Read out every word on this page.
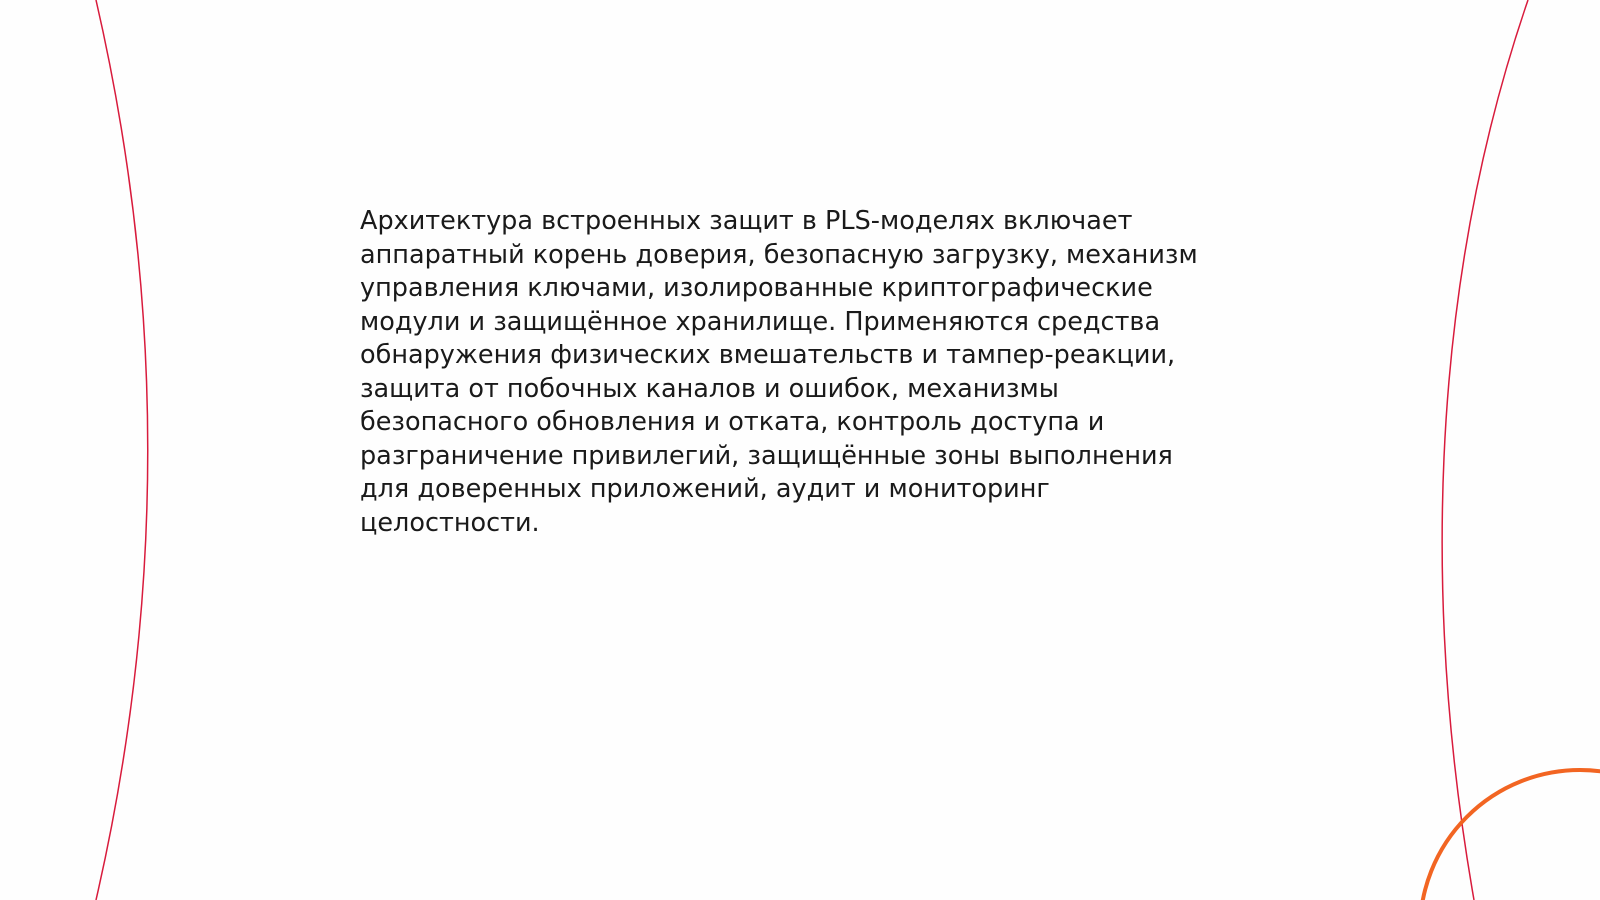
Архитектура встроенных защит в PLS-моделях включает аппаратный корень доверия, безопасную загрузку, механизм управления ключами, изолированные криптографические модули и защищённое хранилище. Применяются средства обнаружения физических вмешательств и тампер-реакции, защита от побочных каналов и ошибок, механизмы безопасного обновления и отката, контроль доступа и разграничение привилегий, защищённые зоны выполнения для доверенных приложений, аудит и мониторинг целостности.
